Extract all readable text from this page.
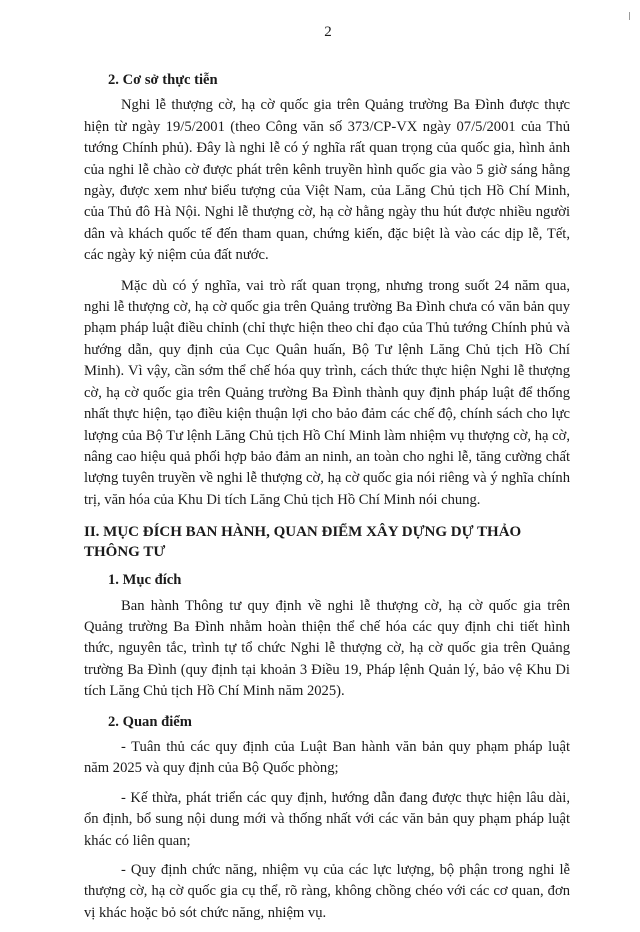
2
2. Cơ sở thực tiễn

Nghi lễ thượng cờ, hạ cờ quốc gia trên Quảng trường Ba Đình được thực hiện từ ngày 19/5/2001 (theo Công văn số 373/CP-VX ngày 07/5/2001 của Thủ tướng Chính phủ). Đây là nghi lễ có ý nghĩa rất quan trọng của quốc gia, hình ảnh của nghi lễ chào cờ được phát trên kênh truyền hình quốc gia vào 5 giờ sáng hằng ngày, được xem như biểu tượng của Việt Nam, của Lăng Chủ tịch Hồ Chí Minh, của Thủ đô Hà Nội. Nghi lễ thượng cờ, hạ cờ hằng ngày thu hút được nhiều người dân và khách quốc tế đến tham quan, chứng kiến, đặc biệt là vào các dịp lễ, Tết, các ngày kỷ niệm của đất nước.

Mặc dù có ý nghĩa, vai trò rất quan trọng, nhưng trong suốt 24 năm qua, nghi lễ thượng cờ, hạ cờ quốc gia trên Quảng trường Ba Đình chưa có văn bản quy phạm pháp luật điều chỉnh (chỉ thực hiện theo chỉ đạo của Thủ tướng Chính phủ và hướng dẫn, quy định của Cục Quân huấn, Bộ Tư lệnh Lăng Chủ tịch Hồ Chí Minh). Vì vậy, cần sớm thể chế hóa quy trình, cách thức thực hiện Nghi lễ thượng cờ, hạ cờ quốc gia trên Quảng trường Ba Đình thành quy định pháp luật để thống nhất thực hiện, tạo điều kiện thuận lợi cho bảo đảm các chế độ, chính sách cho lực lượng của Bộ Tư lệnh Lăng Chủ tịch Hồ Chí Minh làm nhiệm vụ thượng cờ, hạ cờ, nâng cao hiệu quả phối hợp bảo đảm an ninh, an toàn cho nghi lễ, tăng cường chất lượng tuyên truyền về nghi lễ thượng cờ, hạ cờ quốc gia nói riêng và ý nghĩa chính trị, văn hóa của Khu Di tích Lăng Chủ tịch Hồ Chí Minh nói chung.

II. MỤC ĐÍCH BAN HÀNH, QUAN ĐIỂM XÂY DỰNG DỰ THẢO THÔNG TƯ
1. Mục đích

Ban hành Thông tư quy định về nghi lễ thượng cờ, hạ cờ quốc gia trên Quảng trường Ba Đình nhằm hoàn thiện thể chế hóa các quy định chi tiết hình thức, nguyên tắc, trình tự tổ chức Nghi lễ thượng cờ, hạ cờ quốc gia trên Quảng trường Ba Đình (quy định tại khoản 3 Điều 19, Pháp lệnh Quản lý, bảo vệ Khu Di tích Lăng Chủ tịch Hồ Chí Minh năm 2025).

2. Quan điểm

- Tuân thủ các quy định của Luật Ban hành văn bản quy phạm pháp luật năm 2025 và quy định của Bộ Quốc phòng;

- Kế thừa, phát triển các quy định, hướng dẫn đang được thực hiện lâu dài, ổn định, bổ sung nội dung mới và thống nhất với các văn bản quy phạm pháp luật khác có liên quan;

- Quy định chức năng, nhiệm vụ của các lực lượng, bộ phận trong nghi lễ thượng cờ, hạ cờ quốc gia cụ thể, rõ ràng, không chồng chéo với các cơ quan, đơn vị khác hoặc bỏ sót chức năng, nhiệm vụ.
